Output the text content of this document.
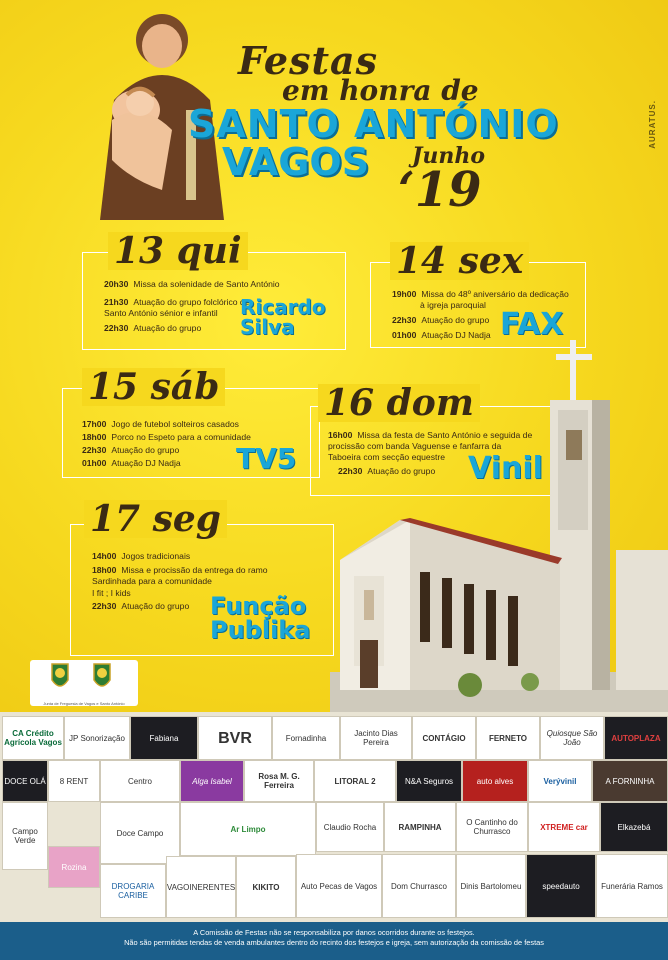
Festas
em honra de
SANTO ANTÓNIO
VAGOS Junho
‘19
AURATUS.
13 qui
20h30 Missa da solenidade de Santo António
21h30 Atuação do grupo folclórico de
Santo António sénior e infantil
22h30 Atuação do grupo
Ricardo
Silva
14 sex
19h00 Missa do 48º aniversário da dedicação
à igreja paroquial
22h30 Atuação do grupo
01h00 Atuação DJ Nadja FAX
15 sáb
17h00 Jogo de futebol solteiros casados
18h00 Porco no Espeto para a comunidade
22h30 Atuação do grupo
01h00 Atuação DJ Nadja TV5
16 dom
16h00 Missa da festa de Santo António e seguida de
procissão com banda Vaguense e fanfarra da
Taboeira com secção equestre
22h30 Atuação do grupo Vinil
17 seg
14h00 Jogos tradicionais
18h00 Missa e procissão da entrega do ramo
Sardinhada para a comunidade
I fit ; I kids
22h30 Atuação do grupo Função
Publika
Junta de Freguesia de Vagos e Santo António
CA Crédito Agrícola Vagos JP Sonorização	Fabiana	BVR	Fornadinha	Jacinto Dias Pereira	CONTÁGIO	FERNETO	Quiosque São João	AUTOPLAZA
DOCE OLÁ	8 RENT	Centro	Alga Isabel	Rosa M. G. Ferreira	LITORAL 2	N&A Seguros	auto alves	Verývinil	A FORNINHA
Campo Verde
Doce Campo	Ar Limpo	Claudio Rocha	RAMPINHA	O Cantinho do Churrasco	XTREME car	Elkazebá
Rozina
DROGARIA CARIBE
VAGOINERENTES	KIKITO	Auto Pecas de Vagos	Dom Churrasco	Dinis Bartolomeu	speedauto	Funerária Ramos
A Comissão de Festas não se responsabiliza por danos ocorridos durante os festejos.
Não são permitidas tendas de venda ambulantes dentro do recinto dos festejos e igreja, sem autorização da comissão de festas
